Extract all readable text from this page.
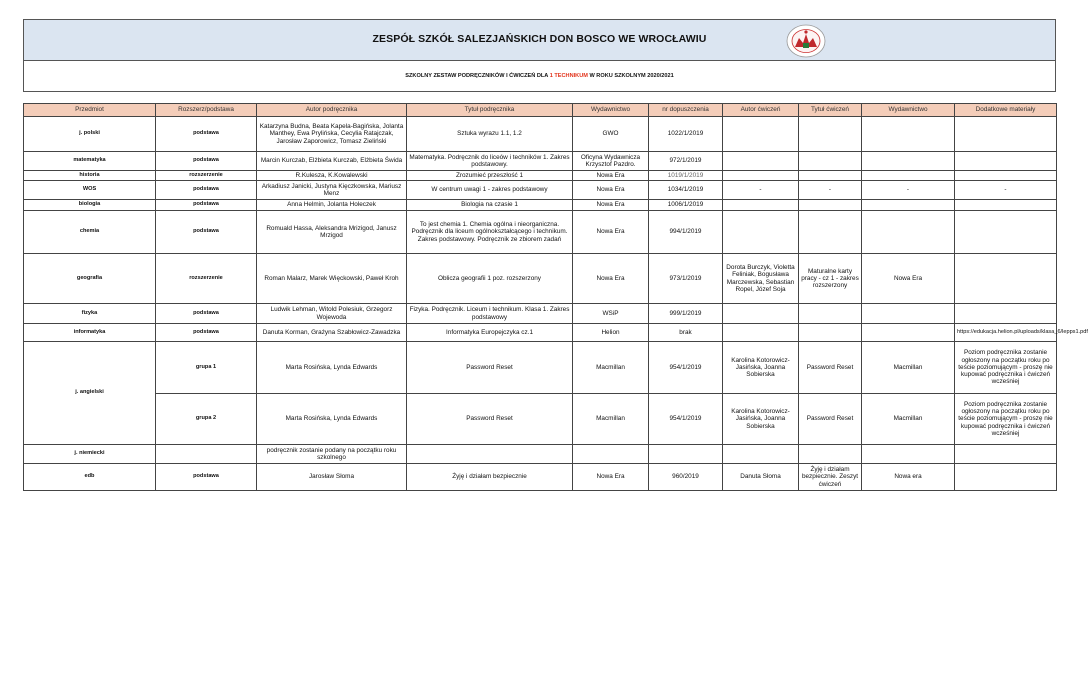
ZESPÓŁ SZKÓŁ SALEZJAŃSKICH DON BOSCO WE WROCŁAWIU
SZKOLNY ZESTAW PODRĘCZNIKÓW I ĆWICZEŃ DLA 1 TECHNIKUM W ROKU SZKOLNYM 2020/2021
Przedmiot	Rozszerz/podstawa	Autor podręcznika	Tytuł podręcznika	Wydawnictwo	nr dopuszczenia	Autor ćwiczeń	Tytuł ćwiczeń	Wydawnictwo	Dodatkowe materiały
j. polski	podstawa	Katarzyna Budna, Beata Kapela-Bagińska, Jolanta Manthey, Ewa Prylińska, Cecylia Ratajczak, Jarosław Zaporowicz, Tomasz Zieliński	Sztuka wyrazu 1.1, 1.2	GWO	1022/1/2019				
matematyka	podstawa	Marcin Kurczab, Elżbieta Kurczab, Elżbieta Świda	Matematyka. Podręcznik do liceów i techników 1. Zakres podstawowy.	Oficyna Wydawnicza Krzysztof Pazdro.	972/1/2019				
historia	rozszerzenie	R.Kulesza, K.Kowalewski	Zrozumieć przeszłość 1	Nowa Era	1019/1/2019				
WOS	podstawa	Arkadiusz Janicki, Justyna Kięczkowska, Mariusz Menz	W centrum uwagi 1 - zakres podstawowy	Nowa Era	1034/1/2019	-	-	-	-
biologia	podstawa	Anna Helmin, Jolanta Holeczek	Biologia na czasie 1	Nowa Era	1006/1/2019				
chemia	podstawa	Romuald Hassa, Aleksandra Mrizigod, Janusz Mrzigod	To jest chemia 1. Chemia ogólna i nieorganiczna. Podręcznik dla liceum ogólnokształcącego i technikum. Zakres podstawowy. Podręcznik ze zbiorem zadań	Nowa Era	994/1/2019				
geografia	rozszerzenie	Roman Malarz, Marek Więckowski, Paweł Kroh	Oblicza geografii 1 poz. rozszerzony	Nowa Era	973/1/2019	Dorota Burczyk, Violetta Feliniak, Bogusława Marczewska, Sebastian Ropel, Józef Soja	Maturalne karty pracy - cz 1 - zakres rozszerzony	Nowa Era	
fizyka	podstawa	Ludwik Lehman, Witold Polesiuk, Grzegorz Wojewoda	Fizyka. Podręcznik. Liceum i technikum. Klasa 1. Zakres podstawowy	WSiP	999/1/2019				
informatyka	podstawa	Danuta Korman, Grażyna Szabłowicz-Zawadzka	Informatyka Europejczyka cz.1	Helion	brak				https://edukacja.helion.pl/uploads/klasa_6/lepps1.pdf
j. angielski	grupa 1	Marta Rosińska, Lynda Edwards	Password Reset	Macmillan	954/1/2019	Karolina Kotorowicz-Jasińska, Joanna Sobierska	Password Reset	Macmillan	Poziom podręcznika zostanie ogłoszony na początku roku po teście poziomującym - proszę nie kupować podręcznika i ćwiczeń wcześniej
	grupa 2	Marta Rosińska, Lynda Edwards	Password Reset	Macmillan	954/1/2019	Karolina Kotorowicz-Jasińska, Joanna Sobierska	Password Reset	Macmillan	Poziom podręcznika zostanie ogłoszony na początku roku po teście poziomującym - proszę nie kupować podręcznika i ćwiczeń wcześniej
j. niemiecki		podręcznik zostanie podany na początku roku szkolnego							
edb	podstawa	Jarosław Słoma	Żyję i działam bezpiecznie	Nowa Era	960/2019	Danuta Słoma	Żyję i działam bezpiecznie. Zeszyt ćwiczeń	Nowa era	
